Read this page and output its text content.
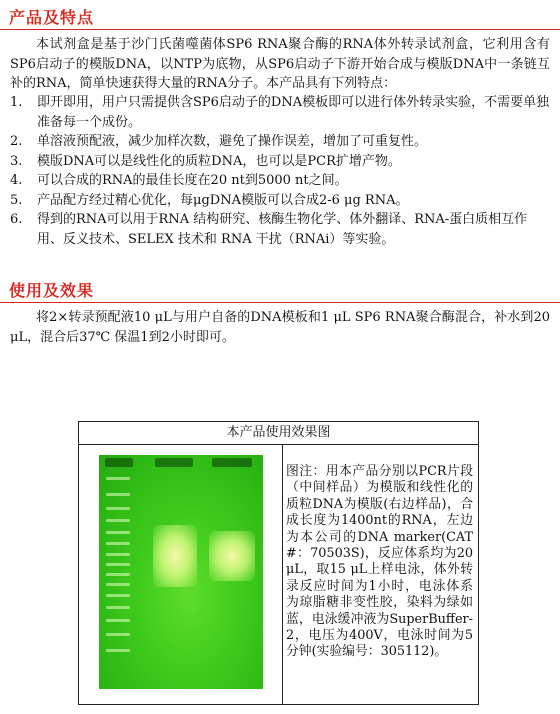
产品及特点

本试剂盒是基于沙门氏菌噬菌体SP6 RNA聚合酶的RNA体外转录试剂盒，它利用含有SP6启动子的模版DNA，以NTP为底物，从SP6启动子下游开始合成与模版DNA中一条链互补的RNA，简单快速获得大量的RNA分子。本产品具有下列特点：

1. 即开即用，用户只需提供含SP6启动子的DNA模板即可以进行体外转录实验，不需要单独准备每一个成份。
2. 单溶液预配液，减少加样次数，避免了操作误差，增加了可重复性。
3. 模版DNA可以是线性化的质粒DNA，也可以是PCR扩增产物。
4. 可以合成的RNA的最佳长度在20 nt到5000 nt之间。
5. 产品配方经过精心优化，每μgDNA模版可以合成2-6 μg RNA。
6. 得到的RNA可以用于RNA 结构研究、核酶生物化学、体外翻译、RNA-蛋白质相互作用、反义技术、SELEX 技术和 RNA 干扰（RNAi）等实验。
使用及效果

将2×转录预配液10 μL与用户自备的DNA模板和1 μL SP6 RNA聚合酶混合，补水到20 μL，混合后37℃ 保温1到2小时即可。

本产品使用效果图

图注：用本产品分别以PCR片段（中间样品）为模版和线性化的质粒DNA为模版(右边样品)，合成长度为1400nt的RNA，左边为本公司的DNA marker(CAT#：70503S)，反应体系均为20 μL，取15 μL上样电泳，体外转录反应时间为1小时，电泳体系为琼脂糖非变性胶，染料为绿如蓝，电泳缓冲液为SuperBuffer-2，电压为400V，电泳时间为5分钟(实验编号：305112)。
